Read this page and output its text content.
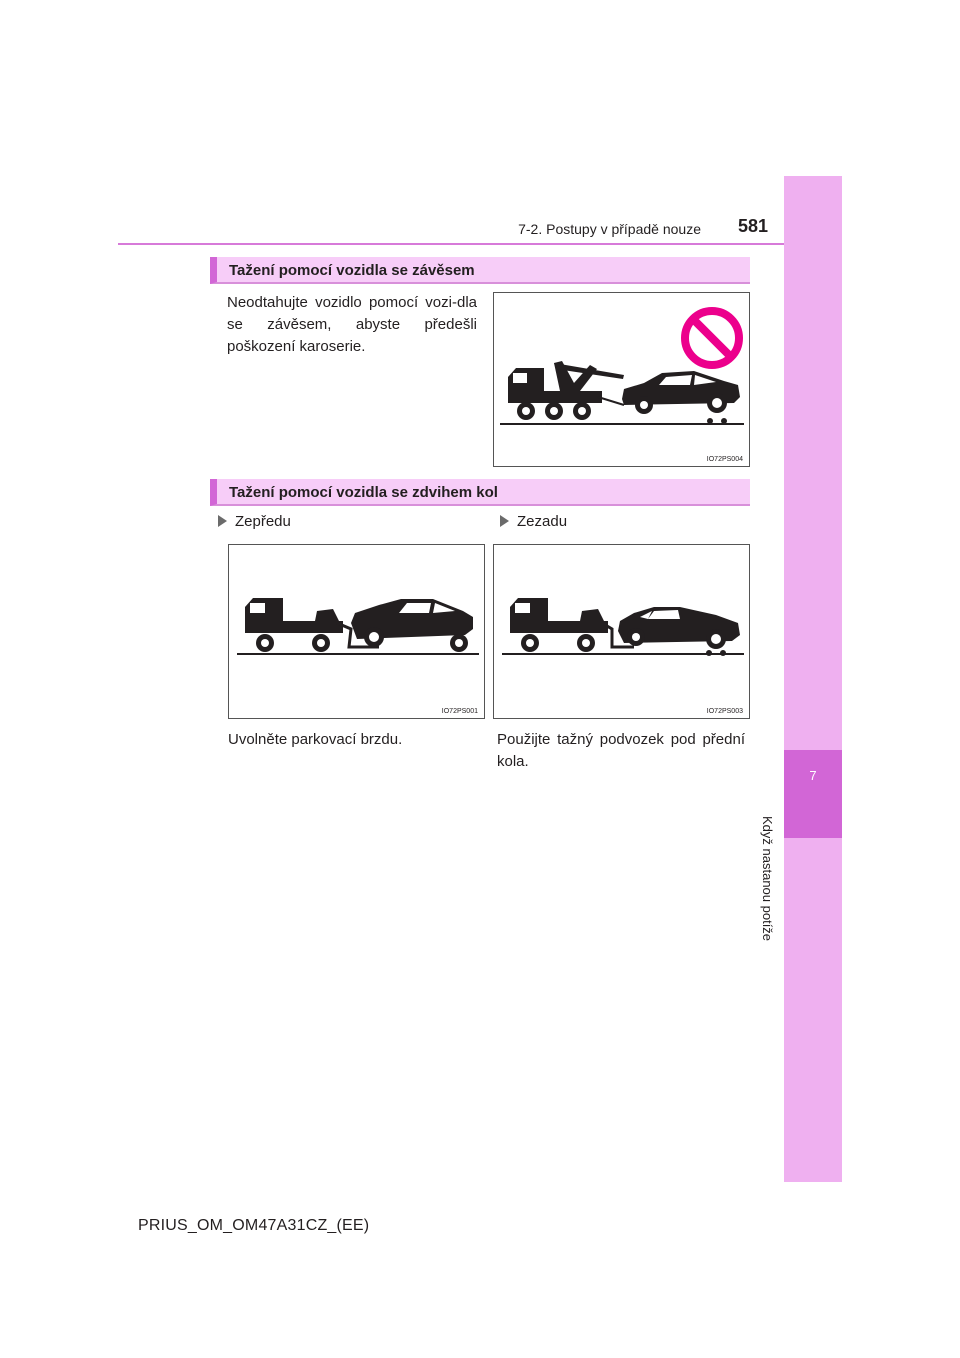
7
Když nastanou potíže
7-2. Postupy v případě nouze 581
Tažení pomocí vozidla se závěsem
Neodtahujte vozidlo pomocí vozi-dla se závěsem, abyste předešli poškození karoserie.
IO72PS004
Tažení pomocí vozidla se zdvihem kol
Zepředu	Zezadu
IO72PS001	IO72PS003
Uvolněte parkovací brzdu.	Použijte tažný podvozek pod přední kola.
PRIUS_OM_OM47A31CZ_(EE)
